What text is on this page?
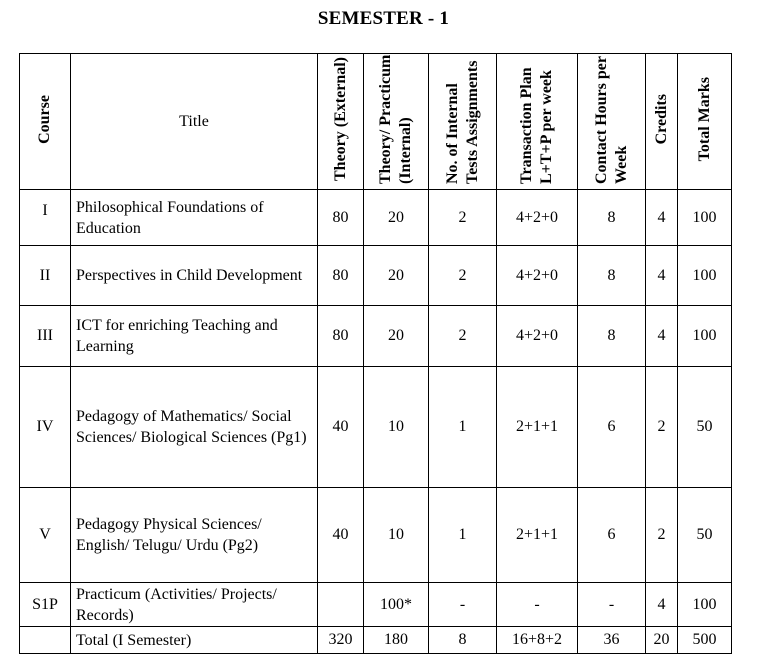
SEMESTER - 1
Course	Title	Theory (External)	Theory/ Practicum (Internal)	No. of Internal Tests Assignments	Transaction Plan L+T+P per week	Contact Hours per Week	Credits	Total Marks
I	Philosophical Foundations of Education	80	20	2	4+2+0	8	4	100
II	Perspectives in Child Development	80	20	2	4+2+0	8	4	100
III	ICT for enriching Teaching and Learning	80	20	2	4+2+0	8	4	100
IV	Pedagogy of Mathematics/ Social Sciences/ Biological Sciences (Pg1)	40	10	1	2+1+1	6	2	50
V	Pedagogy Physical Sciences/ English/ Telugu/ Urdu (Pg2)	40	10	1	2+1+1	6	2	50
S1P	Practicum (Activities/ Projects/ Records)		100*	-	-	-	4	100
	Total (I Semester)	320	180	8	16+8+2	36	20	500
